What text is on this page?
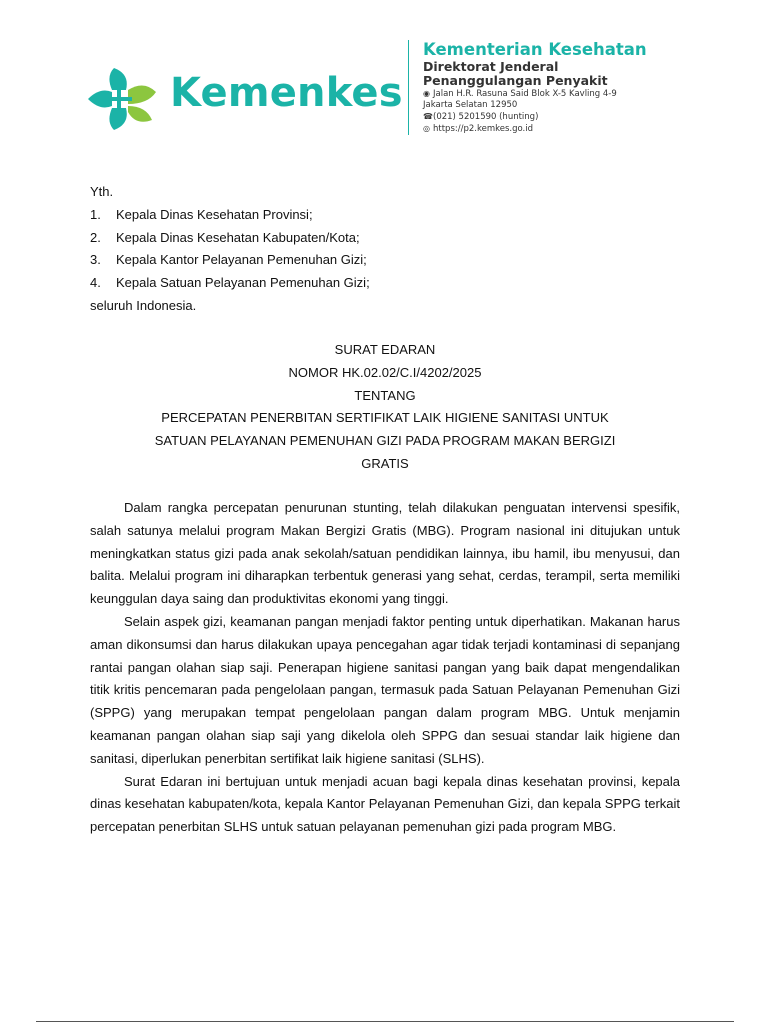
Kemenkes
Kementerian Kesehatan
Direktorat Jenderal
Penanggulangan Penyakit
◉ Jalan H.R. Rasuna Said Blok X-5 Kavling 4-9
Jakarta Selatan 12950
☎(021) 5201590 (hunting)
◎ https://p2.kemkes.go.id
Yth.
1. Kepala Dinas Kesehatan Provinsi;
2. Kepala Dinas Kesehatan Kabupaten/Kota;
3. Kepala Kantor Pelayanan Pemenuhan Gizi;
4. Kepala Satuan Pelayanan Pemenuhan Gizi;
seluruh Indonesia.

SURAT EDARAN

NOMOR HK.02.02/C.I/4202/2025

TENTANG

PERCEPATAN PENERBITAN SERTIFIKAT LAIK HIGIENE SANITASI UNTUK

SATUAN PELAYANAN PEMENUHAN GIZI PADA PROGRAM MAKAN BERGIZI

GRATIS

Dalam rangka percepatan penurunan stunting, telah dilakukan penguatan intervensi spesifik, salah satunya melalui program Makan Bergizi Gratis (MBG). Program nasional ini ditujukan untuk meningkatkan status gizi pada anak sekolah/satuan pendidikan lainnya, ibu hamil, ibu menyusui, dan balita. Melalui program ini diharapkan terbentuk generasi yang sehat, cerdas, terampil, serta memiliki keunggulan daya saing dan produktivitas ekonomi yang tinggi.

Selain aspek gizi, keamanan pangan menjadi faktor penting untuk diperhatikan. Makanan harus aman dikonsumsi dan harus dilakukan upaya pencegahan agar tidak terjadi kontaminasi di sepanjang rantai pangan olahan siap saji. Penerapan higiene sanitasi pangan yang baik dapat mengendalikan titik kritis pencemaran pada pengelolaan pangan, termasuk pada Satuan Pelayanan Pemenuhan Gizi (SPPG) yang merupakan tempat pengelolaan pangan dalam program MBG. Untuk menjamin keamanan pangan olahan siap saji yang dikelola oleh SPPG dan sesuai standar laik higiene dan sanitasi, diperlukan penerbitan sertifikat laik higiene sanitasi (SLHS).

Surat Edaran ini bertujuan untuk menjadi acuan bagi kepala dinas kesehatan provinsi, kepala dinas kesehatan kabupaten/kota, kepala Kantor Pelayanan Pemenuhan Gizi, dan kepala SPPG terkait percepatan penerbitan SLHS untuk satuan pelayanan pemenuhan gizi pada program MBG.
